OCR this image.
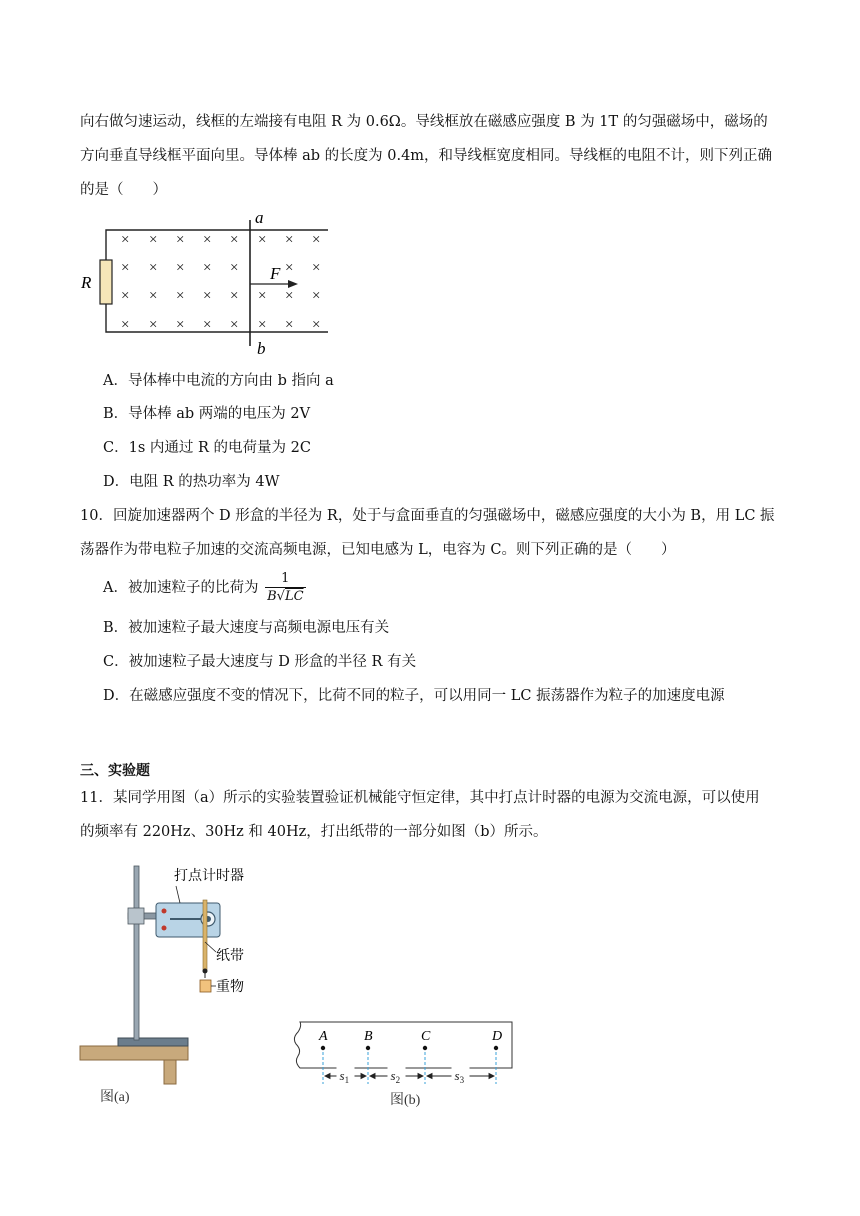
向右做匀速运动，线框的左端接有电阻 R 为 0.6Ω。导线框放在磁感应强度 B 为 1T 的匀强磁场中，磁场的
方向垂直导线框平面向里。导体棒 ab 的长度为 0.4m，和导线框宽度相同。导线框的电阻不计，则下列正确
的是（　　）
R
a
b
F
× × × × × × × ×
× × × × ×	× ×
× × × × × × × ×
× × × × × × × ×
A．导体棒中电流的方向由 b 指向 a
B．导体棒 ab 两端的电压为 2V
C．1s 内通过 R 的电荷量为 2C
D．电阻 R 的热功率为 4W
10．回旋加速器两个 D 形盒的半径为 R，处于与盒面垂直的匀强磁场中，磁感应强度的大小为 B，用 LC 振
荡器作为带电粒子加速的交流高频电源，已知电感为 L，电容为 C。则下列正确的是（　　）
A．被加速粒子的比荷为 $\frac{1}{B√LC}$
B．被加速粒子最大速度与高频电源电压有关
C．被加速粒子最大速度与 D 形盒的半径 R 有关
D．在磁感应强度不变的情况下，比荷不同的粒子，可以用同一 LC 振荡器作为粒子的加速度电源
三、实验题
11．某同学用图（a）所示的实验装置验证机械能守恒定律，其中打点计时器的电源为交流电源，可以使用
的频率有 220Hz、30Hz 和 40Hz，打出纸带的一部分如图（b）所示。
打点计时器
纸带
重物
图(a)
A	B	C	D
$s_1$	$s_2$	$s_3$
图(b)
